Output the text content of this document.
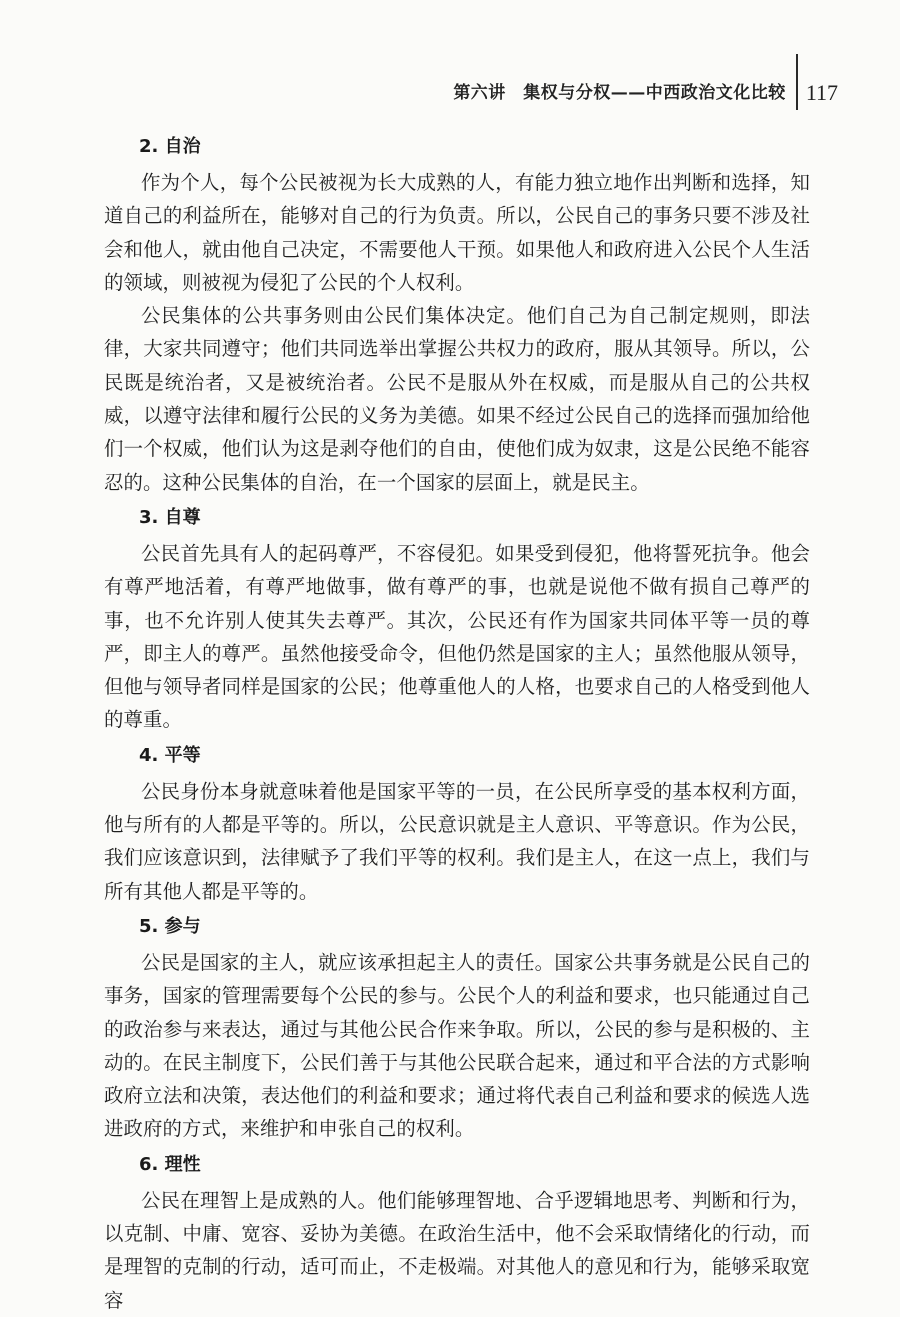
第六讲　集权与分权——中西政治文化比较 117
2. 自治

作为个人，每个公民被视为长大成熟的人，有能力独立地作出判断和选择，知道自己的利益所在，能够对自己的行为负责。所以，公民自己的事务只要不涉及社会和他人，就由他自己决定，不需要他人干预。如果他人和政府进入公民个人生活的领域，则被视为侵犯了公民的个人权利。

公民集体的公共事务则由公民们集体决定。他们自己为自己制定规则，即法律，大家共同遵守；他们共同选举出掌握公共权力的政府，服从其领导。所以，公民既是统治者，又是被统治者。公民不是服从外在权威，而是服从自己的公共权威，以遵守法律和履行公民的义务为美德。如果不经过公民自己的选择而强加给他们一个权威，他们认为这是剥夺他们的自由，使他们成为奴隶，这是公民绝不能容忍的。这种公民集体的自治，在一个国家的层面上，就是民主。

3. 自尊

公民首先具有人的起码尊严，不容侵犯。如果受到侵犯，他将誓死抗争。他会有尊严地活着，有尊严地做事，做有尊严的事，也就是说他不做有损自己尊严的事，也不允许别人使其失去尊严。其次，公民还有作为国家共同体平等一员的尊严，即主人的尊严。虽然他接受命令，但他仍然是国家的主人；虽然他服从领导，但他与领导者同样是国家的公民；他尊重他人的人格，也要求自己的人格受到他人的尊重。

4. 平等

公民身份本身就意味着他是国家平等的一员，在公民所享受的基本权利方面，他与所有的人都是平等的。所以，公民意识就是主人意识、平等意识。作为公民，我们应该意识到，法律赋予了我们平等的权利。我们是主人，在这一点上，我们与所有其他人都是平等的。

5. 参与

公民是国家的主人，就应该承担起主人的责任。国家公共事务就是公民自己的事务，国家的管理需要每个公民的参与。公民个人的利益和要求，也只能通过自己的政治参与来表达，通过与其他公民合作来争取。所以，公民的参与是积极的、主动的。在民主制度下，公民们善于与其他公民联合起来，通过和平合法的方式影响政府立法和决策，表达他们的利益和要求；通过将代表自己利益和要求的候选人选进政府的方式，来维护和申张自己的权利。

6. 理性

公民在理智上是成熟的人。他们能够理智地、合乎逻辑地思考、判断和行为，以克制、中庸、宽容、妥协为美德。在政治生活中，他不会采取情绪化的行动，而是理智的克制的行动，适可而止，不走极端。对其他人的意见和行为，能够采取宽容
